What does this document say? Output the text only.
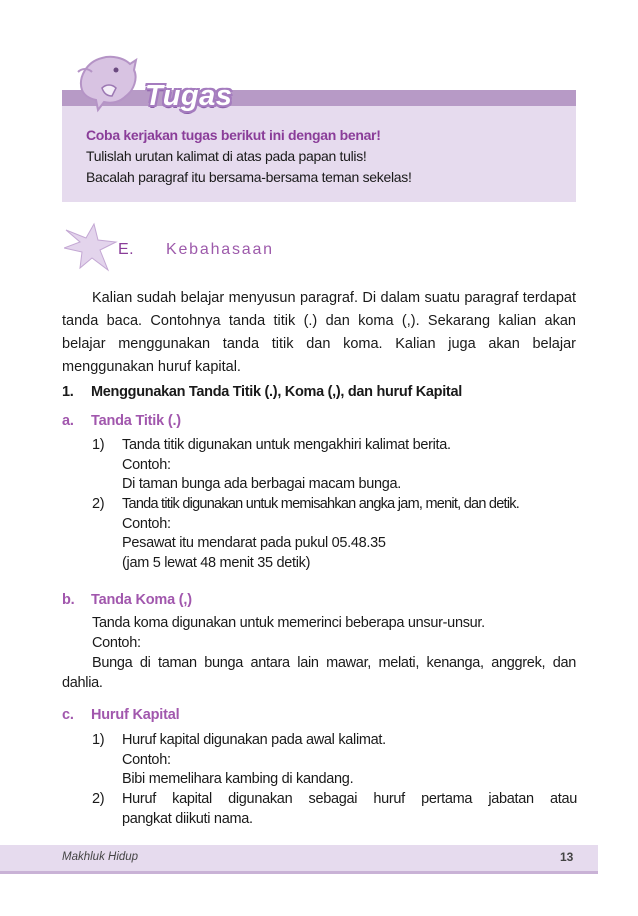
Coba kerjakan tugas berikut ini dengan benar!
Tulislah urutan kalimat di atas pada papan tulis!
Bacalah paragraf itu bersama-bersama teman sekelas!
Tugas
E. Kebahasaan
Kalian sudah belajar menyusun paragraf. Di dalam suatu paragraf terdapat tanda baca. Contohnya tanda titik (.) dan koma (,). Sekarang kalian akan belajar menggunakan tanda titik dan koma. Kalian juga akan belajar menggunakan huruf kapital.
1. Menggunakan Tanda Titik (.), Koma (,), dan huruf Kapital
a. Tanda Titik (.)
1) Tanda titik digunakan untuk mengakhiri kalimat berita.
Contoh:
Di taman bunga ada berbagai macam bunga.
2) Tanda titik digunakan untuk memisahkan angka jam, menit, dan detik.
Contoh:
Pesawat itu mendarat pada pukul 05.48.35
(jam 5 lewat 48 menit 35 detik)
b. Tanda Koma (,)
Tanda koma digunakan untuk memerinci beberapa unsur-unsur.
Contoh:
Bunga di taman bunga antara lain mawar, melati, kenanga, anggrek, dan dahlia.
c. Huruf Kapital
1) Huruf kapital digunakan pada awal kalimat.
Contoh:
Bibi memelihara kambing di kandang.
2) Huruf kapital digunakan sebagai huruf pertama jabatan atau
pangkat diikuti nama.
Makhluk Hidup	13
